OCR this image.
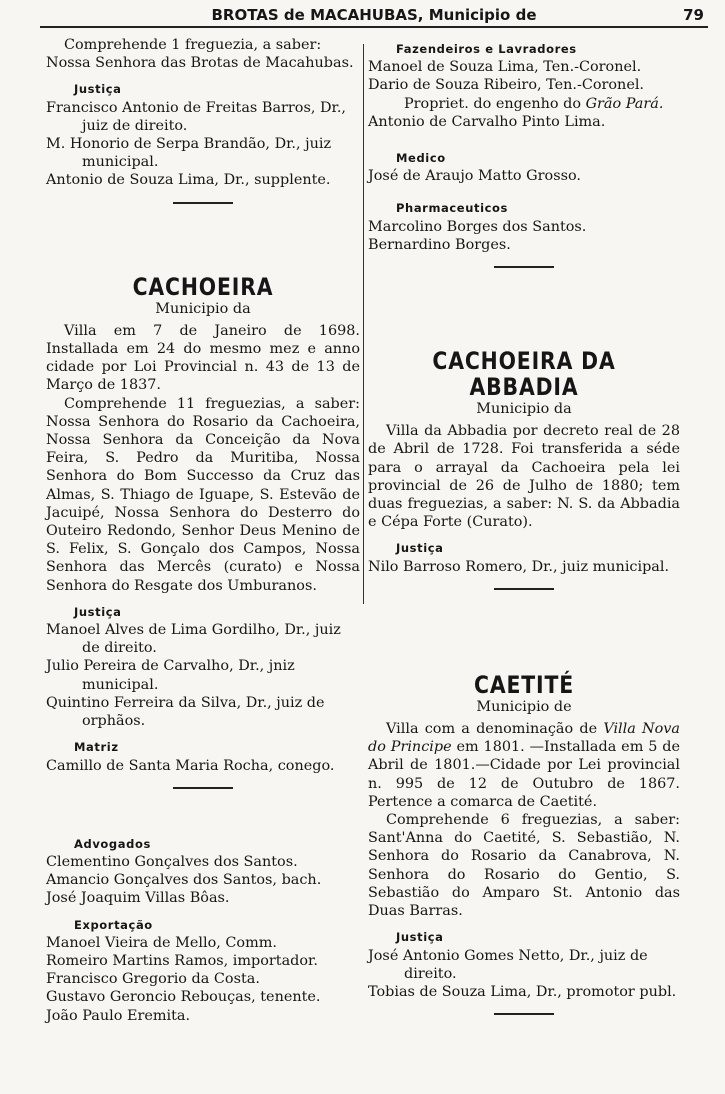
BROTAS de MACAHUBAS, Municipio de	79

Comprehende 1 freguezia, a saber:

Nossa Senhora das Brotas de Macahubas.

Justiça

Francisco Antonio de Freitas Barros, Dr., juiz de direito.

M. Honorio de Serpa Brandão, Dr., juiz municipal.

Antonio de Souza Lima, Dr., supplente.

CACHOEIRA
Municipio da

Villa em 7 de Janeiro de 1698. Installada em 24 do mesmo mez e anno cidade por Loi Provincial n. 43 de 13 de Março de 1837.

Comprehende 11 freguezias, a saber: Nossa Senhora do Rosario da Cachoeira, Nossa Senhora da Conceição da Nova Feira, S. Pedro da Muritiba, Nossa Senhora do Bom Successo da Cruz das Almas, S. Thiago de Iguape, S. Estevão de Jacuipé, Nossa Senhora do Desterro do Outeiro Redondo, Senhor Deus Menino de S. Felix, S. Gonçalo dos Campos, Nossa Senhora das Mercês (curato) e Nossa Senhora do Resgate dos Umburanos.

Justiça

Manoel Alves de Lima Gordilho, Dr., juiz de direito.

Julio Pereira de Carvalho, Dr., jniz municipal.

Quintino Ferreira da Silva, Dr., juiz de orphãos.

Matriz

Camillo de Santa Maria Rocha, conego.

Advogados

Clementino Gonçalves dos Santos.

Amancio Gonçalves dos Santos, bach.

José Joaquim Villas Bôas.

Exportação

Manoel Vieira de Mello, Comm.

Romeiro Martins Ramos, importador.

Francisco Gregorio da Costa.

Gustavo Geroncio Rebouças, tenente.

João Paulo Eremita.

Fazendeiros e Lavradores

Manoel de Souza Lima, Ten.-Coronel.

Dario de Souza Ribeiro, Ten.-Coronel.

Propriet. do engenho do Grão Pará.

Antonio de Carvalho Pinto Lima.

Medico

José de Araujo Matto Grosso.

Pharmaceuticos

Marcolino Borges dos Santos.

Bernardino Borges.

CACHOEIRA DA ABBADIA
Municipio da

Villa da Abbadia por decreto real de 28 de Abril de 1728. Foi transferida a séde para o arrayal da Cachoeira pela lei provincial de 26 de Julho de 1880; tem duas freguezias, a saber: N. S. da Abbadia e Cépa Forte (Curato).

Justiça

Nilo Barroso Romero, Dr., juiz municipal.

CAETITÉ
Municipio de

Villa com a denominação de Villa Nova do Principe em 1801. —Installada em 5 de Abril de 1801.—Cidade por Lei provincial n. 995 de 12 de Outubro de 1867. Pertence a comarca de Caetité.

Comprehende 6 freguezias, a saber: Sant'Anna do Caetité, S. Sebastião, N. Senhora do Rosario da Canabrova, N. Senhora do Rosario do Gentio, S. Sebastião do Amparo St. Antonio das Duas Barras.

Justiça

José Antonio Gomes Netto, Dr., juiz de direito.

Tobias de Souza Lima, Dr., promotor publ.
